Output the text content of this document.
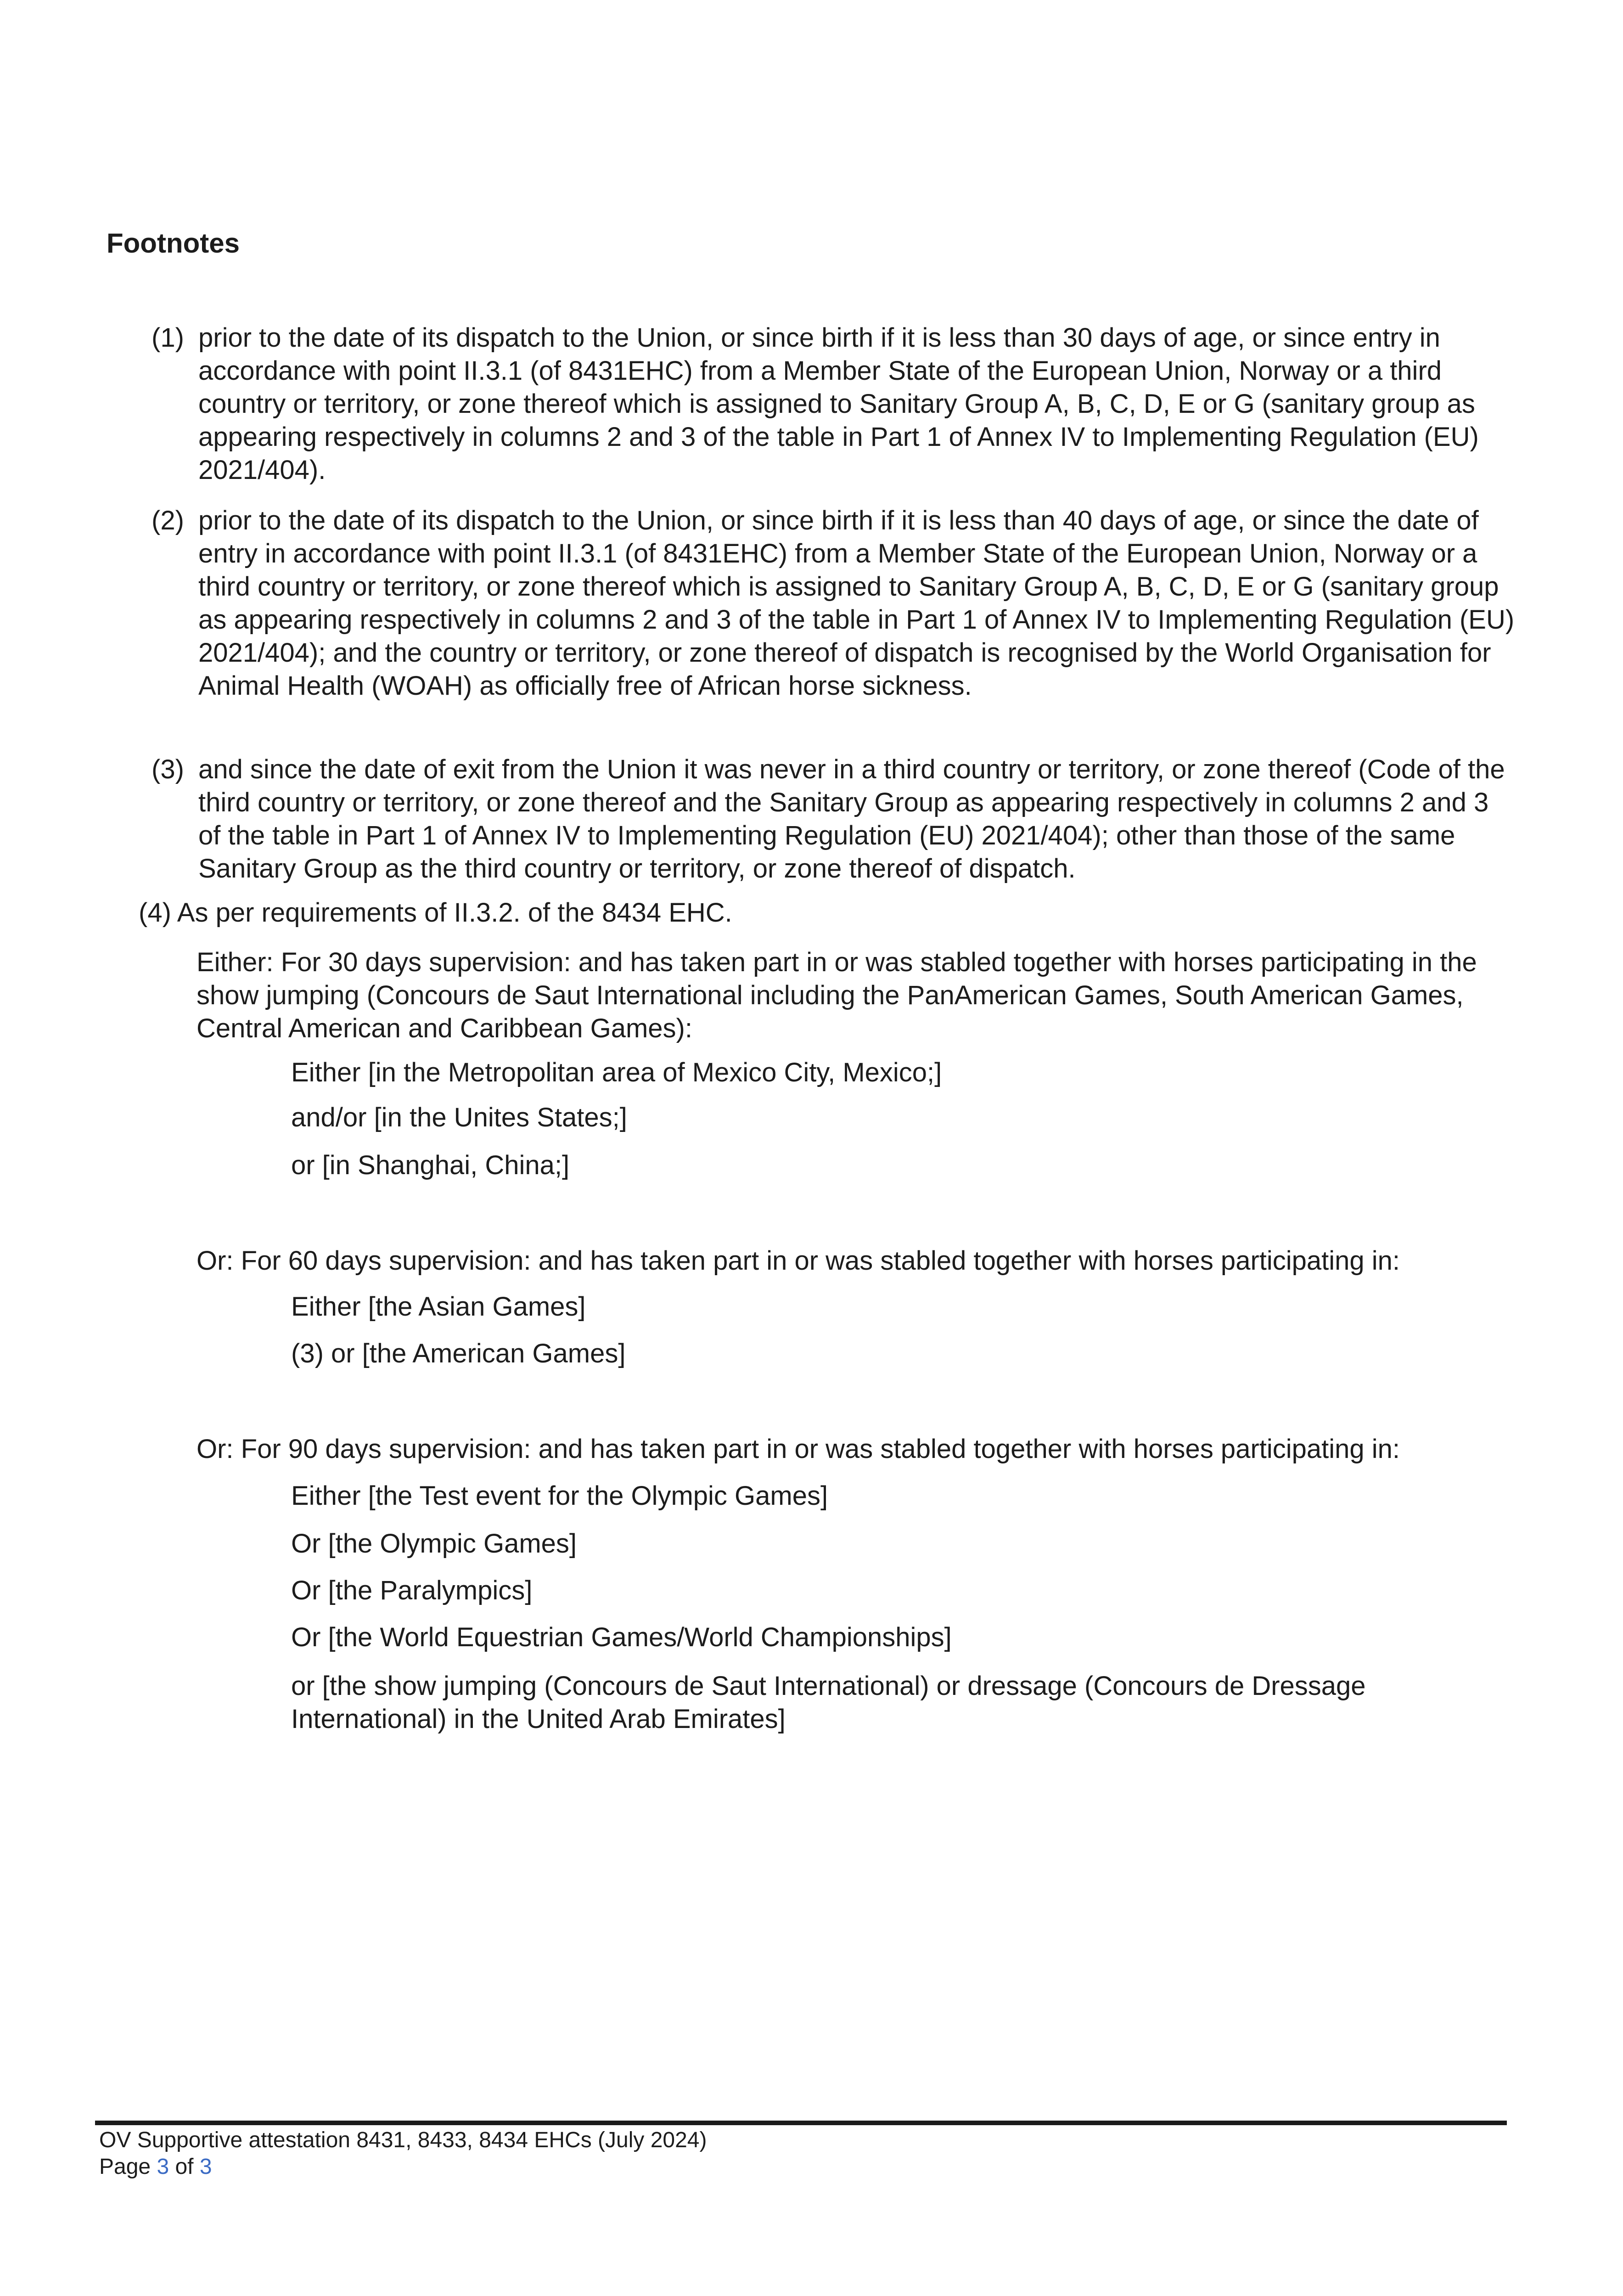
Footnotes
(1) prior to the date of its dispatch to the Union, or since birth if it is less than 30 days of age, or since entry in accordance with point II.3.1 (of 8431EHC) from a Member State of the European Union, Norway or a third country or territory, or zone thereof which is assigned to Sanitary Group A, B, C, D, E or G (sanitary group as appearing respectively in columns 2 and 3 of the table in Part 1 of Annex IV to Implementing Regulation (EU) 2021/404).

(2) prior to the date of its dispatch to the Union, or since birth if it is less than 40 days of age, or since the date of entry in accordance with point II.3.1 (of 8431EHC) from a Member State of the European Union, Norway or a third country or territory, or zone thereof which is assigned to Sanitary Group A, B, C, D, E or G (sanitary group as appearing respectively in columns 2 and 3 of the table in Part 1 of Annex IV to Implementing Regulation (EU) 2021/404); and the country or territory, or zone thereof of dispatch is recognised by the World Organisation for Animal Health (WOAH) as officially free of African horse sickness.

(3) and since the date of exit from the Union it was never in a third country or territory, or zone thereof (Code of the third country or territory, or zone thereof and the Sanitary Group as appearing respectively in columns 2 and 3 of the table in Part 1 of Annex IV to Implementing Regulation (EU) 2021/404); other than those of the same Sanitary Group as the third country or territory, or zone thereof of dispatch.

(4) As per requirements of II.3.2. of the 8434 EHC.

Either: For 30 days supervision: and has taken part in or was stabled together with horses participating in the show jumping (Concours de Saut International including the PanAmerican Games, South American Games, Central American and Caribbean Games):

Either [in the Metropolitan area of Mexico City, Mexico;]

and/or [in the Unites States;]

or [in Shanghai, China;]

Or: For 60 days supervision: and has taken part in or was stabled together with horses participating in:

Either [the Asian Games]

(3) or [the American Games]

Or: For 90 days supervision: and has taken part in or was stabled together with horses participating in:

Either [the Test event for the Olympic Games]

Or [the Olympic Games]

Or [the Paralympics]

Or [the World Equestrian Games/World Championships]

or [the show jumping (Concours de Saut International) or dressage (Concours de Dressage International) in the United Arab Emirates]

OV Supportive attestation 8431, 8433, 8434 EHCs (July 2024)

Page 3 of 3
